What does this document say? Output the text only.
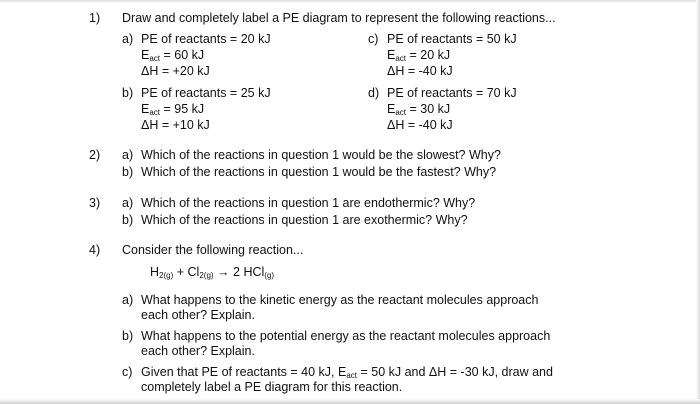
1) Draw and completely label a PE diagram to represent the following reactions...
a) PE of reactants = 20 kJ
$E_{act} = 60$ kJ
ΔH = +20 kJ
b) PE of reactants = 25 kJ
$E_{act} = 95$ kJ
ΔH = +10 kJ
c) PE of reactants = 50 kJ
$E_{act} = 20$ kJ
ΔH = -40 kJ
d) PE of reactants = 70 kJ
$E_{act} = 30$ kJ
ΔH = -40 kJ
2) a) Which of the reactions in question 1 would be the slowest? Why?
b) Which of the reactions in question 1 would be the fastest? Why?
3) a) Which of the reactions in question 1 are endothermic? Why?
b) Which of the reactions in question 1 are exothermic? Why?
4) Consider the following reaction...
$H_{2(g)} + Cl_{2(g)} \to 2$ HCl$_{(g)}$
a) What happens to the kinetic energy as the reactant molecules approach
each other? Explain.
b) What happens to the potential energy as the reactant molecules approach
each other? Explain.
c) Given that PE of reactants = 40 kJ, $E_{act} = 50$ kJ and ΔH = -30 kJ, draw and
completely label a PE diagram for this reaction.
